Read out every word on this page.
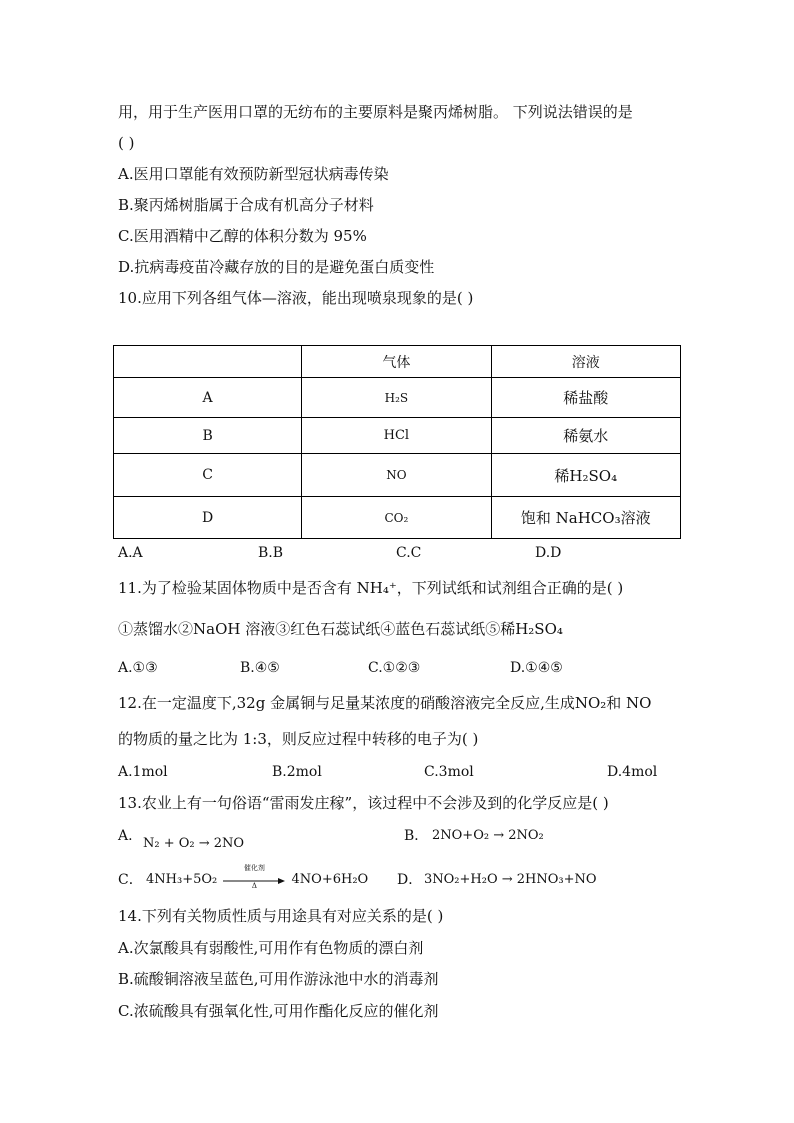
用，用于生产医用口罩的无纺布的主要原料是聚丙烯树脂。 下列说法错误的是
( )
A.医用口罩能有效预防新型冠状病毒传染
B.聚丙烯树脂属于合成有机高分子材料
C.医用酒精中乙醇的体积分数为 95%
D.抗病毒疫苗冷藏存放的目的是避免蛋白质变性
10.应用下列各组气体—溶液，能出现喷泉现象的是( )
	气体	溶液
A	H₂S	稀盐酸
B	HCl	稀氨水
C	NO	稀H₂SO₄
D	CO₂	饱和 NaHCO₃溶液
A.A	B.B	C.C	D.D
11.为了检验某固体物质中是否含有 NH₄⁺，下列试纸和试剂组合正确的是( )
①蒸馏水②NaOH 溶液③红色石蕊试纸④蓝色石蕊试纸⑤稀H₂SO₄
A.①③	B.④⑤	C.①②③	D.①④⑤
12.在一定温度下,32g 金属铜与足量某浓度的硝酸溶液完全反应,生成NO₂和 NO
的物质的量之比为 1:3，则反应过程中转移的电子为( )
A.1mol	B.2mol	C.3mol	D.4mol
13.农业上有一句俗语“雷雨发庄稼”，该过程中不会涉及到的化学反应是( )
A. N₂ + O₂ → 2NO	B． 2NO+O₂ → 2NO₂
C． 4NH₃+5O₂
催化剂
Δ	4NO+6H₂O D． 3NO₂+H₂O → 2HNO₃+NO
14.下列有关物质性质与用途具有对应关系的是( )
A.次氯酸具有弱酸性,可用作有色物质的漂白剂
B.硫酸铜溶液呈蓝色,可用作游泳池中水的消毒剂
C.浓硫酸具有强氧化性,可用作酯化反应的催化剂
